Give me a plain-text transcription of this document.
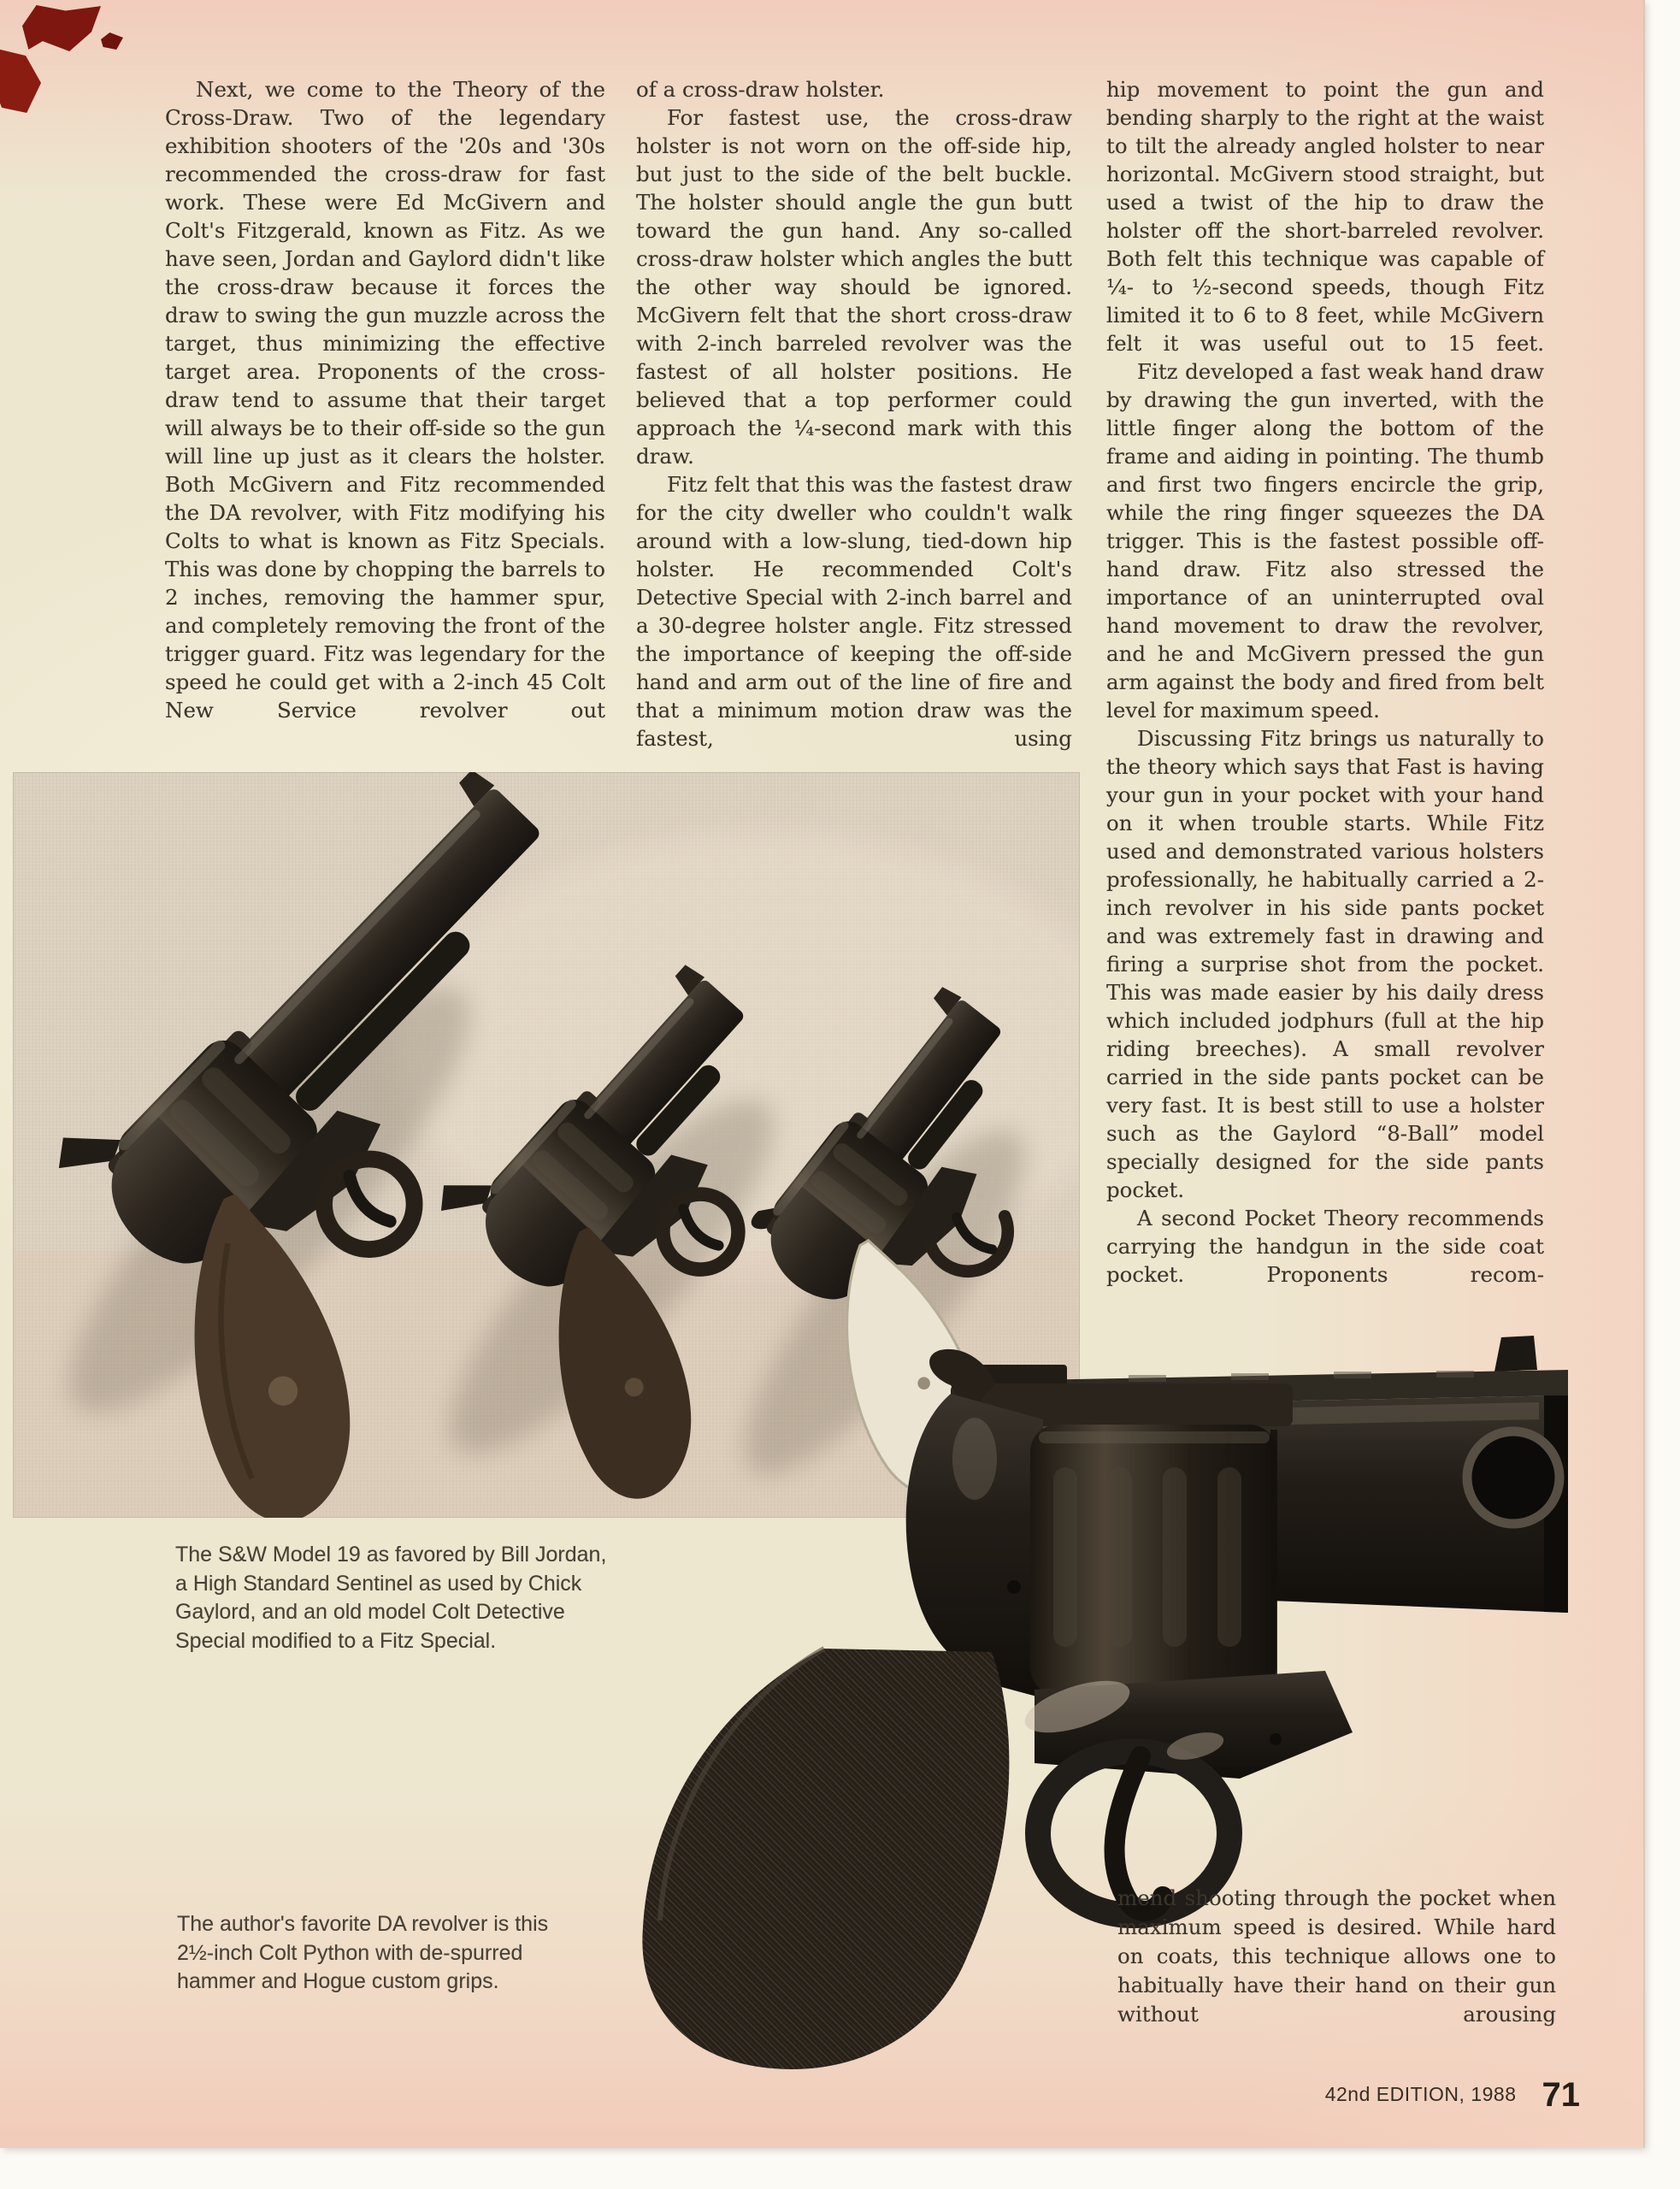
Next, we come to the Theory of the Cross-Draw. Two of the legendary exhibition shooters of the '20s and '30s recommended the cross-draw for fast work. These were Ed McGivern and Colt's Fitzgerald, known as Fitz. As we have seen, Jordan and Gaylord didn't like the cross-draw because it forces the draw to swing the gun muzzle across the target, thus minimizing the effective target area. Proponents of the cross-draw tend to assume that their target will always be to their off-side so the gun will line up just as it clears the holster. Both McGivern and Fitz recommended the DA revolver, with Fitz modifying his Colts to what is known as Fitz Specials. This was done by chopping the barrels to 2 inches, removing the hammer spur, and completely removing the front of the trigger guard. Fitz was legendary for the speed he could get with a 2-inch 45 Colt New Service revolver out

of a cross-draw holster.

For fastest use, the cross-draw holster is not worn on the off-side hip, but just to the side of the belt buckle. The holster should angle the gun butt toward the gun hand. Any so-called cross-draw holster which angles the butt the other way should be ignored. McGivern felt that the short cross-draw with 2-inch barreled revolver was the fastest of all holster positions. He believed that a top performer could approach the ¼-second mark with this draw.

Fitz felt that this was the fastest draw for the city dweller who couldn't walk around with a low-slung, tied-down hip holster. He recommended Colt's Detective Special with 2-inch barrel and a 30-degree holster angle. Fitz stressed the importance of keeping the off-side hand and arm out of the line of fire and that a minimum motion draw was the fastest, using

hip movement to point the gun and bending sharply to the right at the waist to tilt the already angled holster to near horizontal. McGivern stood straight, but used a twist of the hip to draw the holster off the short-barreled revolver. Both felt this technique was capable of ¼- to ½-second speeds, though Fitz limited it to 6 to 8 feet, while McGivern felt it was useful out to 15 feet.

Fitz developed a fast weak hand draw by drawing the gun inverted, with the little finger along the bottom of the frame and aiding in pointing. The thumb and first two fingers encircle the grip, while the ring finger squeezes the DA trigger. This is the fastest possible off-hand draw. Fitz also stressed the importance of an uninterrupted oval hand movement to draw the revolver, and he and McGivern pressed the gun arm against the body and fired from belt level for maximum speed.

Discussing Fitz brings us naturally to the theory which says that Fast is having your gun in your pocket with your hand on it when trouble starts. While Fitz used and demonstrated various holsters professionally, he habitually carried a 2-inch revolver in his side pants pocket and was extremely fast in drawing and firing a surprise shot from the pocket. This was made easier by his daily dress which included jodphurs (full at the hip riding breeches). A small revolver carried in the side pants pocket can be very fast. It is best still to use a holster such as the Gaylord “8-Ball” model specially designed for the side pants pocket.

A second Pocket Theory recommends carrying the handgun in the side coat pocket. Proponents recom-

The S&W Model 19 as favored by Bill Jordan, a High Standard Sentinel as used by Chick Gaylord, and an old model Colt Detective Special modified to a Fitz Special.
The author's favorite DA revolver is this 2½-inch Colt Python with de-spurred hammer and Hogue custom grips.
mend shooting through the pocket when maximum speed is desired. While hard on coats, this technique allows one to habitually have their hand on their gun without arousing
42nd EDITION, 1988 71
